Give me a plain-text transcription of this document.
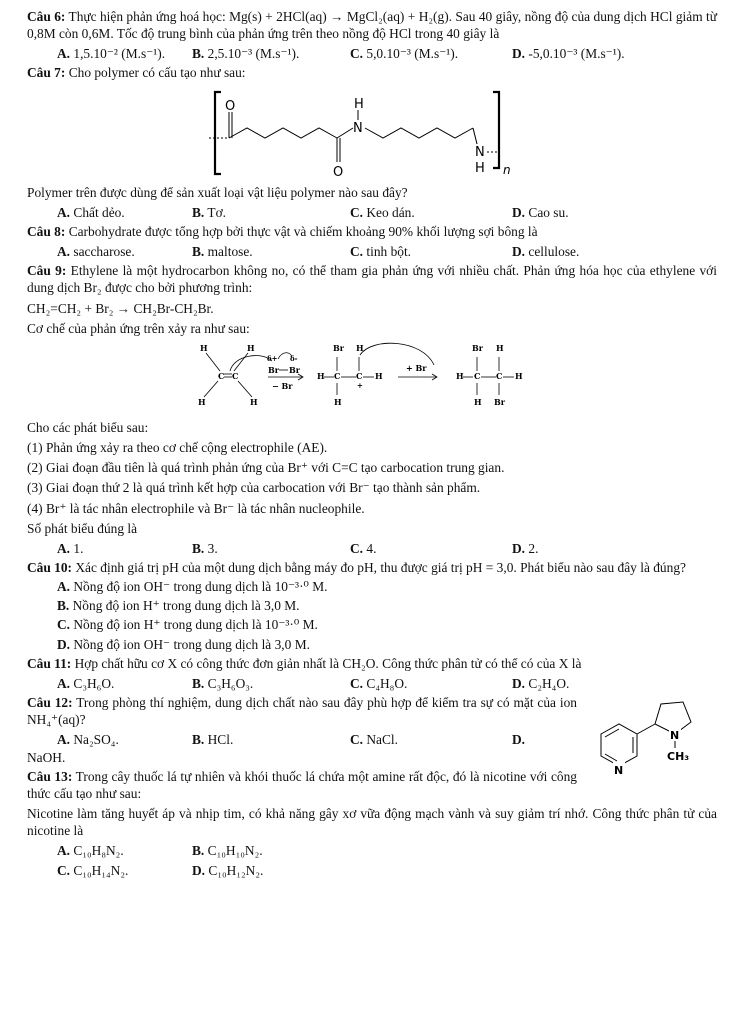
Câu 6: Thực hiện phản ứng hoá học: Mg(s) + 2HCl(aq) → MgCl₂(aq) + H₂(g). Sau 40 giây, nồng độ của dung dịch HCl giảm từ 0,8M còn 0,6M. Tốc độ trung bình của phản ứng trên theo nồng độ HCl trong 40 giây là

A. 1,5.10⁻² (M.s⁻¹).	B. 2,5.10⁻³ (M.s⁻¹).	C. 5,0.10⁻³ (M.s⁻¹).	D. -5,0.10⁻³ (M.s⁻¹).

Câu 7: Cho polymer có cấu tạo như sau:

O
O
N
H
N
H n

Polymer trên được dùng để sản xuất loại vật liệu polymer nào sau đây?

A. Chất dẻo.	B. Tơ.	C. Keo dán.	D. Cao su.

Câu 8: Carbohydrate được tổng hợp bởi thực vật và chiếm khoảng 90% khối lượng sợi bông là

A. saccharose.	B. maltose.	C. tinh bột.	D. cellulose.

Câu 9: Ethylene là một hydrocarbon không no, có thể tham gia phản ứng với nhiều chất. Phản ứng hóa học của ethylene với dung dịch Br₂ được cho bởi phương trình:

CH₂=CH₂ + Br₂ → CH₂Br-CH₂Br.

Cơ chế của phản ứng trên xảy ra như sau:

H	H
C C
H	H
δ+ δ-
Br Br
− Br
H C
Br
H
C
+
H
H
+ Br
H C
Br
H
C
H
Br
H

Cho các phát biểu sau:

(1) Phản ứng xảy ra theo cơ chế cộng electrophile (AE).

(2) Giai đoạn đầu tiên là quá trình phản ứng của Br⁺ với C=C tạo carbocation trung gian.

(3) Giai đoạn thứ 2 là quá trình kết hợp của carbocation với Br⁻ tạo thành sản phẩm.

(4) Br⁺ là tác nhân electrophile và Br⁻ là tác nhân nucleophile.

Số phát biểu đúng là

A. 1.	B. 3.	C. 4.	D. 2.

Câu 10: Xác định giá trị pH của một dung dịch bằng máy đo pH, thu được giá trị pH = 3,0. Phát biểu nào sau đây là đúng?

A. Nồng độ ion OH⁻ trong dung dịch là 10⁻³·⁰ M.
B. Nồng độ ion H⁺ trong dung dịch là 3,0 M.
C. Nồng độ ion H⁺ trong dung dịch là 10⁻³·⁰ M.
D. Nồng độ ion OH⁻ trong dung dịch là 3,0 M.

Câu 11: Hợp chất hữu cơ X có công thức đơn giản nhất là CH₂O. Công thức phân tử có thể có của X là

A. C₃H₆O.	B. C₃H₆O₃.	C. C₄H₈O.	D. C₂H₄O.
N
N
CH₃

Câu 12: Trong phòng thí nghiệm, dung dịch chất nào sau đây phù hợp để kiểm tra sự có mặt của ion NH₄⁺(aq)?

A. Na₂SO₄.	B. HCl.	C. NaCl.	D.

NaOH.

Câu 13: Trong cây thuốc lá tự nhiên và khói thuốc lá chứa một amine rất độc, đó là nicotine với công thức cấu tạo như sau:

Nicotine làm tăng huyết áp và nhịp tim, có khả năng gây xơ vữa động mạch vành và suy giảm trí nhớ. Công thức phân tử của nicotine là

A. C₁₀H₈N₂.	B. C₁₀H₁₀N₂.
C. C₁₀H₁₄N₂.	D. C₁₀H₁₂N₂.
